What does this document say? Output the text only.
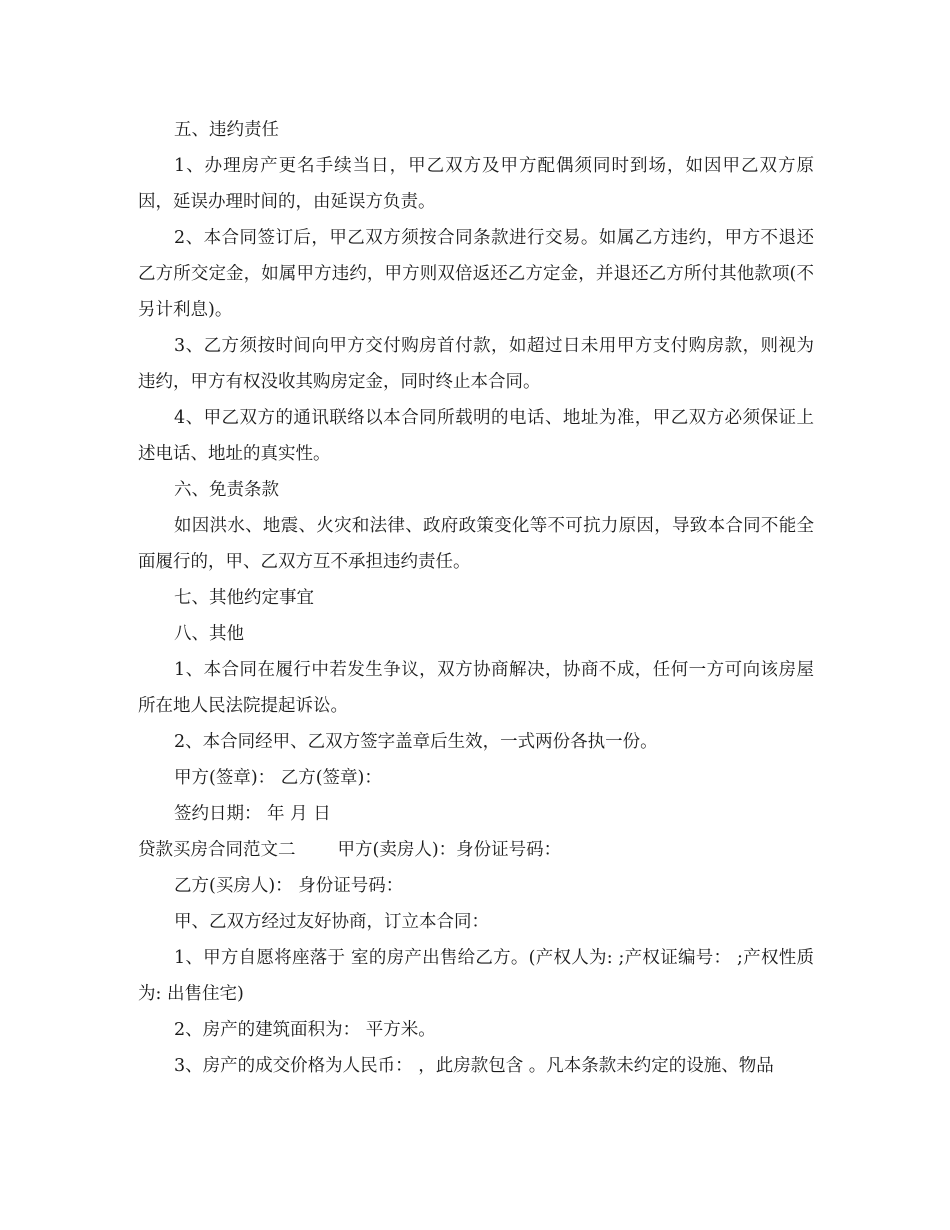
五、违约责任

1、办理房产更名手续当日，甲乙双方及甲方配偶须同时到场，如因甲乙双方原因，延误办理时间的，由延误方负责。

2、本合同签订后，甲乙双方须按合同条款进行交易。如属乙方违约，甲方不退还乙方所交定金，如属甲方违约，甲方则双倍返还乙方定金，并退还乙方所付其他款项(不另计利息)。

3、乙方须按时间向甲方交付购房首付款，如超过日未用甲方支付购房款，则视为违约，甲方有权没收其购房定金，同时终止本合同。

4、甲乙双方的通讯联络以本合同所载明的电话、地址为准，甲乙双方必须保证上述电话、地址的真实性。

六、免责条款

如因洪水、地震、火灾和法律、政府政策变化等不可抗力原因，导致本合同不能全面履行的，甲、乙双方互不承担违约责任。

七、其他约定事宜

八、其他

1、本合同在履行中若发生争议，双方协商解决，协商不成，任何一方可向该房屋所在地人民法院提起诉讼。

2、本合同经甲、乙双方签字盖章后生效，一式两份各执一份。

甲方(签章)： 乙方(签章)：

签约日期： 年 月 日

贷款买房合同范文二 甲方(卖房人)：身份证号码：

乙方(买房人)： 身份证号码：

甲、乙双方经过友好协商，订立本合同：

1、甲方自愿将座落于 室的房产出售给乙方。(产权人为: ;产权证编号： ;产权性质为: 出售住宅)

2、房产的建筑面积为： 平方米。

3、房产的成交价格为人民币： ，此房款包含 。凡本条款未约定的设施、物品
